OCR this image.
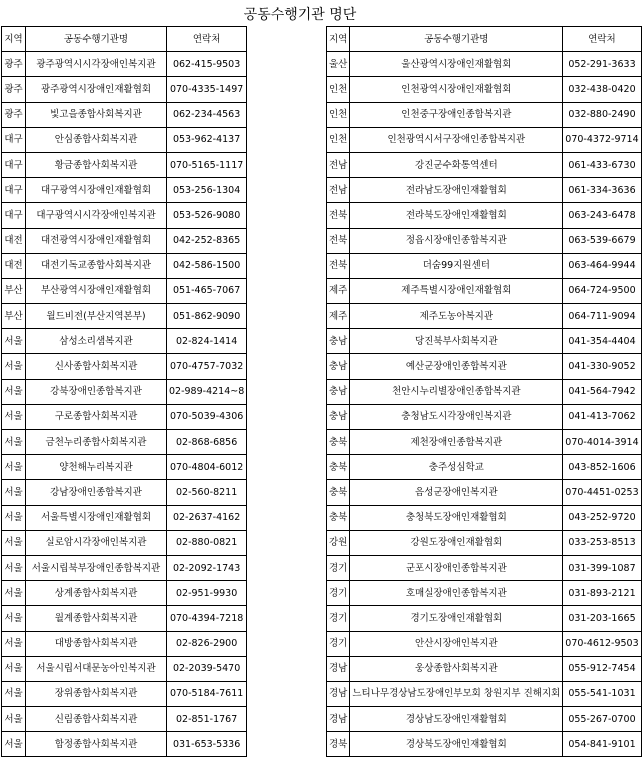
공동수행기관 명단
지역	공동수행기관명	연락처
광주	광주광역시시각장애인복지관	062-415-9503
광주	광주광역시장애인재활협회	070-4335-1497
광주	빛고을종합사회복지관	062-234-4563
대구	안심종합사회복지관	053-962-4137
대구	황금종합사회복지관	070-5165-1117
대구	대구광역시장애인재활협회	053-256-1304
대구	대구광역시시각장애인복지관	053-526-9080
대전	대전광역시장애인재활협회	042-252-8365
대전	대전기독교종합사회복지관	042-586-1500
부산	부산광역시장애인재활협회	051-465-7067
부산	월드비전(부산지역본부)	051-862-9090
서울	삼성소리샘복지관	02-824-1414
서울	신사종합사회복지관	070-4757-7032
서울	강북장애인종합복지관	02-989-4214~8
서울	구로종합사회복지관	070-5039-4306
서울	금천누리종합사회복지관	02-868-6856
서울	양천해누리복지관	070-4804-6012
서울	강남장애인종합복지관	02-560-8211
서울	서울특별시장애인재활협회	02-2637-4162
서울	실로암시각장애인복지관	02-880-0821
서울	서울시립북부장애인종합복지관	02-2092-1743
서울	상계종합사회복지관	02-951-9930
서울	월계종합사회복지관	070-4394-7218
서울	대방종합사회복지관	02-826-2900
서울	서울시립서대문농아인복지관	02-2039-5470
서울	장위종합사회복지관	070-5184-7611
서울	신림종합사회복지관	02-851-1767
서울	합정종합사회복지관	031-653-5336
지역	공동수행기관명	연락처
울산	울산광역시장애인재활협회	052-291-3633
인천	인천광역시장애인재활협회	032-438-0420
인천	인천중구장애인종합복지관	032-880-2490
인천	인천광역시서구장애인종합복지관	070-4372-9714
전남	강진군수화통역센터	061-433-6730
전남	전라남도장애인재활협회	061-334-3636
전북	전라북도장애인재활협회	063-243-6478
전북	정읍시장애인종합복지관	063-539-6679
전북	더숨99지원센터	063-464-9944
제주	제주특별시장애인재활협회	064-724-9500
제주	제주도농아복지관	064-711-9094
충남	당진북부사회복지관	041-354-4404
충남	예산군장애인종합복지관	041-330-9052
충남	천안시누리별장애인종합복지관	041-564-7942
충남	충청남도시각장애인복지관	041-413-7062
충북	제천장애인종합복지관	070-4014-3914
충북	충주성심학교	043-852-1606
충북	음성군장애인복지관	070-4451-0253
충북	충청북도장애인재활협회	043-252-9720
강원	강원도장애인재활협회	033-253-8513
경기	군포시장애인종합복지관	031-399-1087
경기	호매실장애인종합복지관	031-893-2121
경기	경기도장애인재활협회	031-203-1665
경기	안산시장애인복지관	070-4612-9503
경남	웅상종합사회복지관	055-912-7454
경남	느티나무경상남도장애인부모회 창원지부 진해지회	055-541-1031
경남	경상남도장애인재활협회	055-267-0700
경북	경상북도장애인재활협회	054-841-9101
